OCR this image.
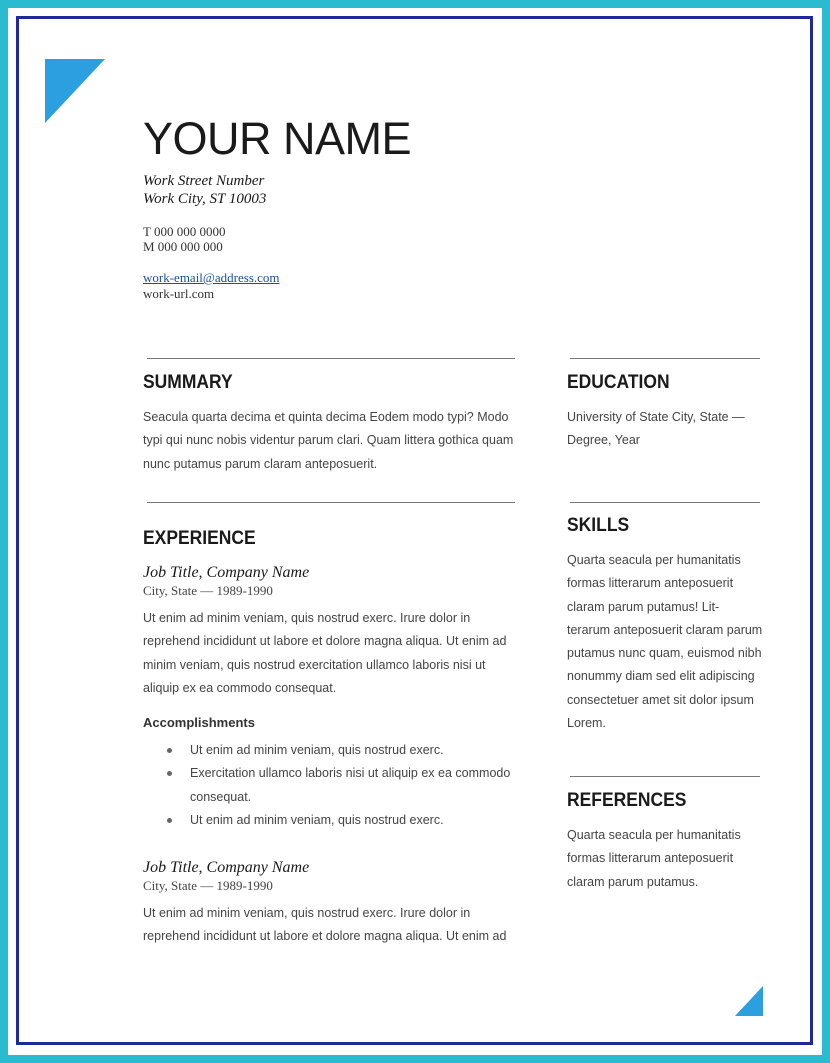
YOUR NAME
Work Street Number
Work City, ST 10003
T 000 000 0000
M 000 000 000
work-email@address.com
work-url.com
SUMMARY
Seacula quarta decima et quinta decima Eodem modo typi? Modo
typi qui nunc nobis videntur parum clari. Quam littera gothica quam
nunc putamus parum claram anteposuerit.
EXPERIENCE
Job Title, Company Name
City, State — 1989-1990
Ut enim ad minim veniam, quis nostrud exerc. Irure dolor in
reprehend incididunt ut labore et dolore magna aliqua. Ut enim ad
minim veniam, quis nostrud exercitation ullamco laboris nisi ut
aliquip ex ea commodo consequat.
Accomplishments
Ut enim ad minim veniam, quis nostrud exerc.
Exercitation ullamco laboris nisi ut aliquip ex ea commodo
consequat.
Ut enim ad minim veniam, quis nostrud exerc.
Job Title, Company Name
City, State — 1989-1990
Ut enim ad minim veniam, quis nostrud exerc. Irure dolor in
reprehend incididunt ut labore et dolore magna aliqua. Ut enim ad
EDUCATION
University of State City, State —
Degree, Year
SKILLS
Quarta seacula per humanitatis
formas litterarum anteposuerit
claram parum putamus! Lit-
terarum anteposuerit claram parum
putamus nunc quam, euismod nibh
nonummy diam sed elit adipiscing
consectetuer amet sit dolor ipsum
Lorem.
REFERENCES
Quarta seacula per humanitatis
formas litterarum anteposuerit
claram parum putamus.
